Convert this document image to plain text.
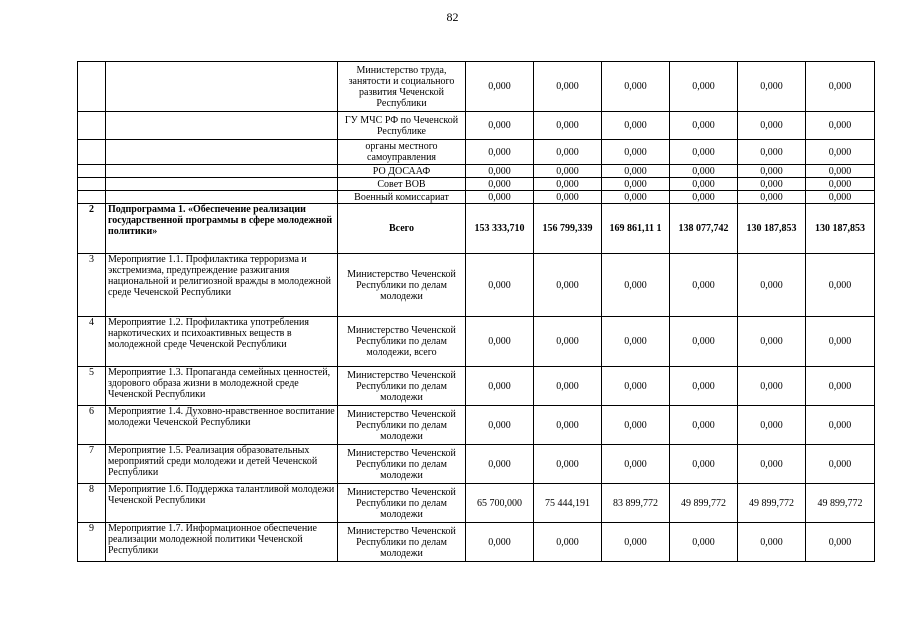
82
		Министерство труда, занятости и социального развития Чеченской Республики	0,000	0,000	0,000	0,000	0,000	0,000
		ГУ МЧС РФ по Чеченской Республике	0,000	0,000	0,000	0,000	0,000	0,000
		органы местного самоуправления	0,000	0,000	0,000	0,000	0,000	0,000
		РО ДОСААФ	0,000	0,000	0,000	0,000	0,000	0,000
		Совет ВОВ	0,000	0,000	0,000	0,000	0,000	0,000
		Военный комиссариат	0,000	0,000	0,000	0,000	0,000	0,000
2	Подпрограмма 1. «Обеспечение реализации государственной программы в сфере молодежной политики»	Всего	153 333,710	156 799,339	169 861,11 1	138 077,742	130 187,853	130 187,853
3	Мероприятие 1.1. Профилактика терроризма и экстремизма, предупреждение разжигания национальной и религиозной вражды в молодежной среде Чеченской Республики	Министерство Чеченской Республики по делам молодежи	0,000	0,000	0,000	0,000	0,000	0,000
4	Мероприятие 1.2. Профилактика употребления наркотических и психоактивных веществ в молодежной среде Чеченской Республики	Министерство Чеченской Республики по делам молодежи, всего	0,000	0,000	0,000	0,000	0,000	0,000
5	Мероприятие 1.3. Пропаганда семейных ценностей, здорового образа жизни в молодежной среде Чеченской Республики	Министерство Чеченской Республики по делам молодежи	0,000	0,000	0,000	0,000	0,000	0,000
6	Мероприятие 1.4. Духовно-нравственное воспитание молодежи Чеченской Республики	Министерство Чеченской Республики по делам молодежи	0,000	0,000	0,000	0,000	0,000	0,000
7	Мероприятие 1.5. Реализация образовательных мероприятий среди молодежи и детей Чеченской Республики	Министерство Чеченской Республики по делам молодежи	0,000	0,000	0,000	0,000	0,000	0,000
8	Мероприятие 1.6. Поддержка талантливой молодежи Чеченской Республики	Министерство Чеченской Республики по делам молодежи	65 700,000	75 444,191	83 899,772	49 899,772	49 899,772	49 899,772
9	Мероприятие 1.7. Информационное обеспечение реализации молодежной политики Чеченской Республики	Министерство Чеченской Республики по делам молодежи	0,000	0,000	0,000	0,000	0,000	0,000
